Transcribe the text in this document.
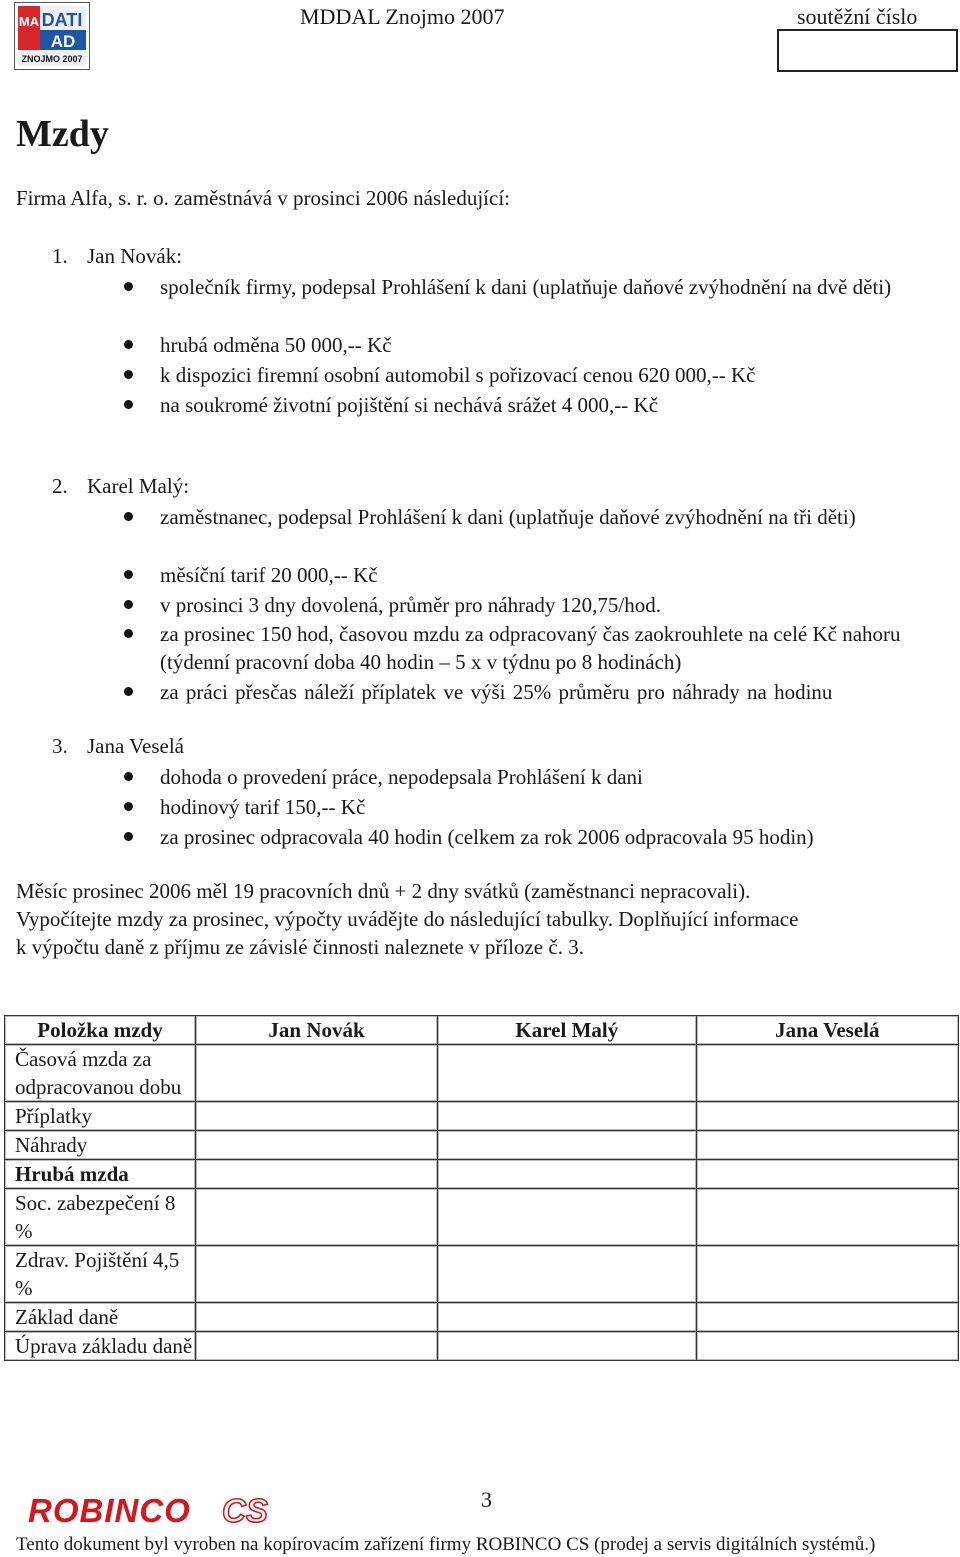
MA DATI
AD
ZNOJMO 2007
MDDAL Znojmo 2007	soutěžní číslo
Mzdy
Firma Alfa, s. r. o. zaměstnává v prosinci 2006 následující:
1. Jan Novák:
společník firmy, podepsal Prohlášení k dani (uplatňuje daňové zvýhodnění na dvě děti)
hrubá odměna 50 000,-- Kč
k dispozici firemní osobní automobil s pořizovací cenou 620 000,-- Kč
na soukromé životní pojištění si nechává srážet 4 000,-- Kč
2. Karel Malý:
zaměstnanec, podepsal Prohlášení k dani (uplatňuje daňové zvýhodnění na tři děti)
měsíční tarif 20 000,-- Kč
v prosinci 3 dny dovolená, průměr pro náhrady 120,75/hod.
za prosinec 150 hod, časovou mzdu za odpracovaný čas zaokrouhlete na celé Kč nahoru (týdenní pracovní doba 40 hodin – 5 x v týdnu po 8 hodinách)
za práci přesčas náleží příplatek ve výši 25% průměru pro náhrady na hodinu
3. Jana Veselá
dohoda o provedení práce, nepodepsala Prohlášení k dani
hodinový tarif 150,-- Kč
za prosinec odpracovala 40 hodin (celkem za rok 2006 odpracovala 95 hodin)
Měsíc prosinec 2006 měl 19 pracovních dnů + 2 dny svátků (zaměstnanci nepracovali).
Vypočítejte mzdy za prosinec, výpočty uvádějte do následující tabulky. Doplňující informace
k výpočtu daně z příjmu ze závislé činnosti naleznete v příloze č. 3.
Položka mzdy	Jan Novák	Karel Malý	Jana Veselá
Časová mzda za odpracovanou dobu			
Příplatky			
Náhrady			
Hrubá mzda			
Soc. zabezpečení 8 %			
Zdrav. Pojištění 4,5 %			
Základ daně			
Úprava základu daně			
3
ROBINCO CS
Tento dokument byl vyroben na kopírovacím zařízení firmy ROBINCO CS (prodej a servis digitálních systémů.)
